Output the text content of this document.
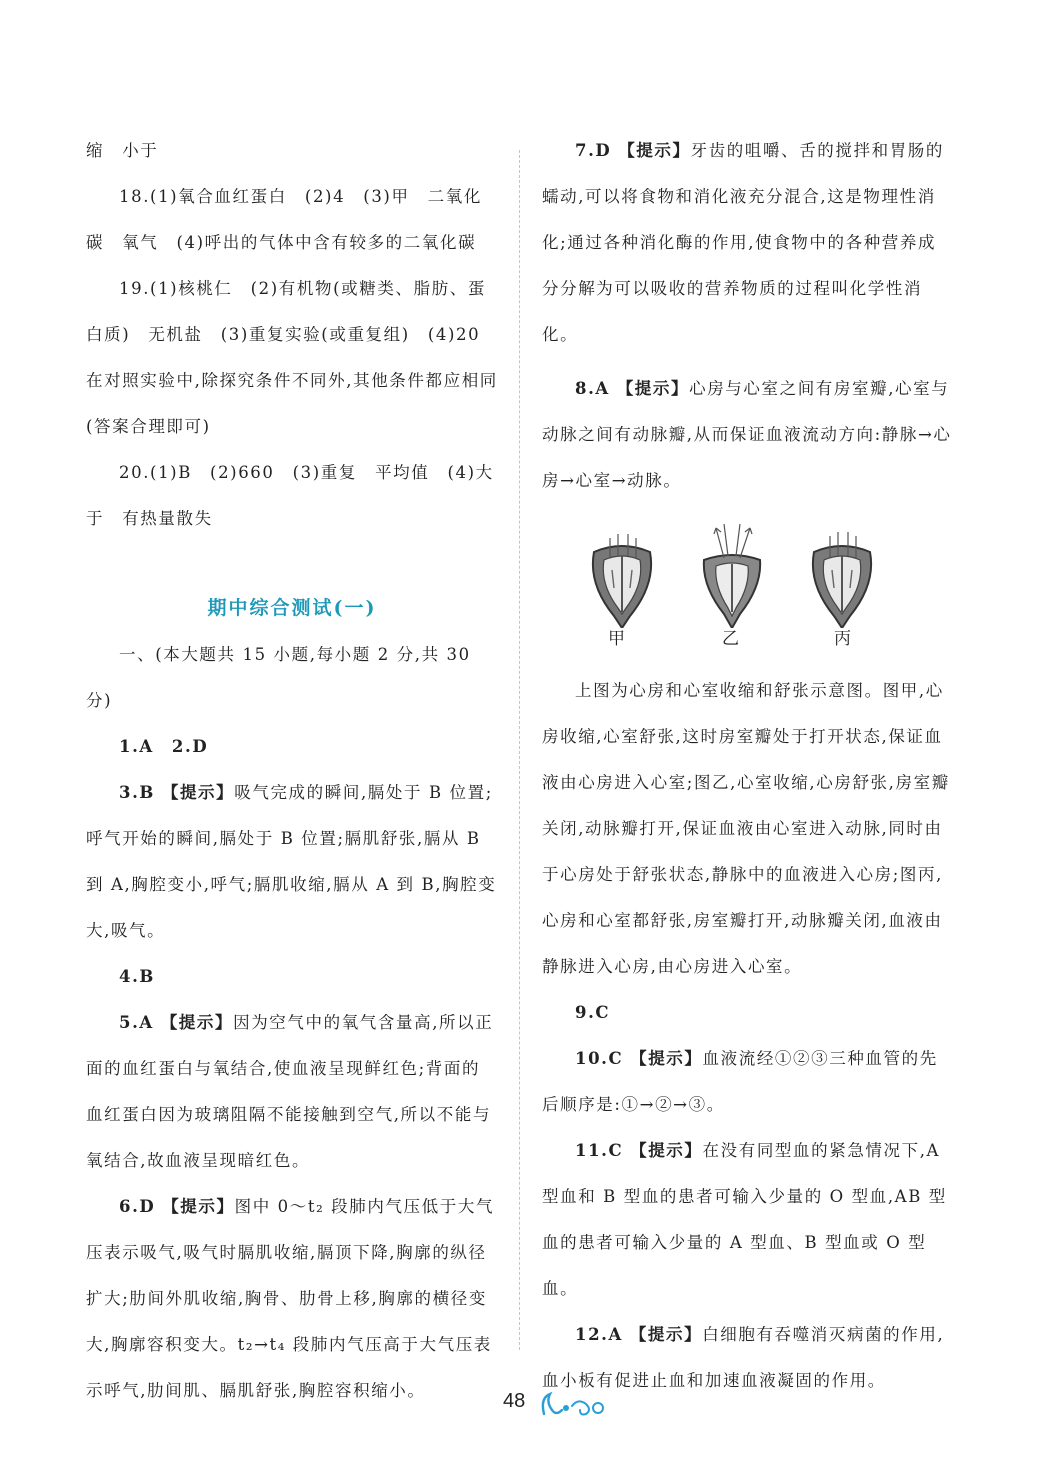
缩　小于

18.(1)氧合血红蛋白　(2)4　(3)甲　二氧化碳　氧气　(4)呼出的气体中含有较多的二氧化碳

19.(1)核桃仁　(2)有机物(或糖类、脂肪、蛋白质)　无机盐　(3)重复实验(或重复组)　(4)20　在对照实验中,除探究条件不同外,其他条件都应相同(答案合理即可)

20.(1)B　(2)660　(3)重复　平均值　(4)大于　有热量散失

一、(本大题共 15 小题,每小题 2 分,共 30 分)

1.A　2.D

3.B 【提示】吸气完成的瞬间,膈处于 B 位置;呼气开始的瞬间,膈处于 B 位置;膈肌舒张,膈从 B 到 A,胸腔变小,呼气;膈肌收缩,膈从 A 到 B,胸腔变大,吸气。

4.B

5.A 【提示】因为空气中的氧气含量高,所以正面的血红蛋白与氧结合,使血液呈现鲜红色;背面的血红蛋白因为玻璃阻隔不能接触到空气,所以不能与氧结合,故血液呈现暗红色。

6.D 【提示】图中 0～t₂ 段肺内气压低于大气压表示吸气,吸气时膈肌收缩,膈顶下降,胸廓的纵径扩大;肋间外肌收缩,胸骨、肋骨上移,胸廓的横径变大,胸廓容积变大。t₂→t₄ 段肺内气压高于大气压表示呼气,肋间肌、膈肌舒张,胸腔容积缩小。

期中综合测试(一)

7.D 【提示】牙齿的咀嚼、舌的搅拌和胃肠的蠕动,可以将食物和消化液充分混合,这是物理性消化;通过各种消化酶的作用,使食物中的各种营养成分分解为可以吸收的营养物质的过程叫化学性消化。

8.A 【提示】心房与心室之间有房室瓣,心室与动脉之间有动脉瓣,从而保证血液流动方向:静脉→心房→心室→动脉。

上图为心房和心室收缩和舒张示意图。图甲,心房收缩,心室舒张,这时房室瓣处于打开状态,保证血液由心房进入心室;图乙,心室收缩,心房舒张,房室瓣关闭,动脉瓣打开,保证血液由心室进入动脉,同时由于心房处于舒张状态,静脉中的血液进入心房;图丙,心房和心室都舒张,房室瓣打开,动脉瓣关闭,血液由静脉进入心房,由心房进入心室。

9.C

10.C 【提示】血液流经①②③三种血管的先后顺序是:①→②→③。

11.C 【提示】在没有同型血的紧急情况下,A 型血和 B 型血的患者可输入少量的 O 型血,AB 型血的患者可输入少量的 A 型血、B 型血或 O 型血。

12.A 【提示】白细胞有吞噬消灭病菌的作用,血小板有促进止血和加速血液凝固的作用。

甲	乙	丙
48
